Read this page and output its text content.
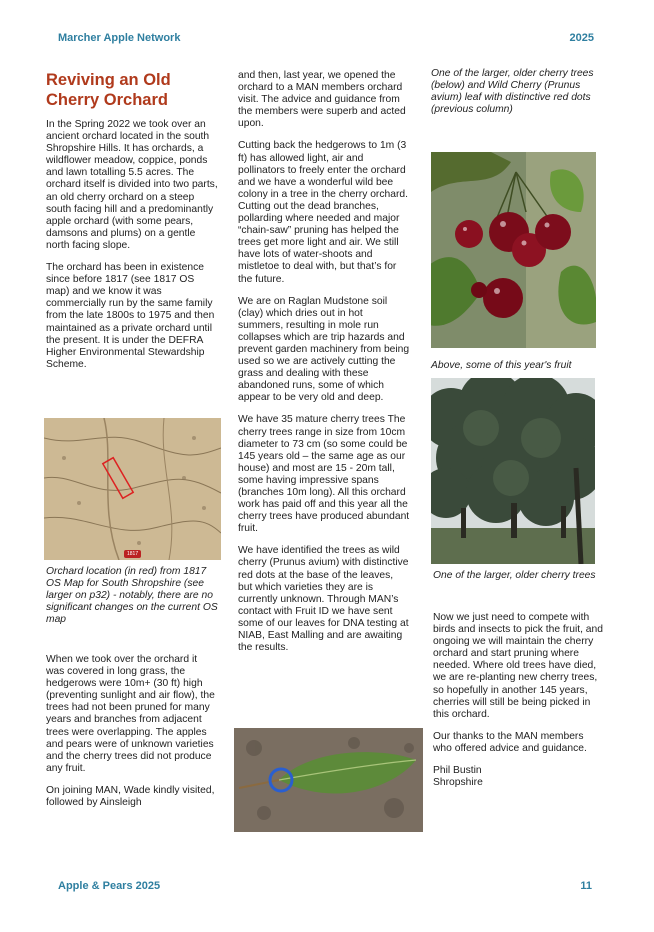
Marcher Apple Network	2025
Reviving an Old
Cherry Orchard

In the Spring 2022 we took over an ancient orchard located in the south Shropshire Hills. It has orchards, a wildflower meadow, coppice, ponds and lawn totalling 5.5 acres. The orchard itself is divided into two parts, an old cherry orchard on a steep south facing hill and a predominantly apple orchard (with some pears, damsons and plums) on a gentle north facing slope.

The orchard has been in existence since before 1817 (see 1817 OS map) and we know it was commercially run by the same family from the late 1800s to 1975 and then maintained as a private orchard until the present. It is under the DEFRA Higher Environmental Stewardship Scheme.

1817
Orchard location (in red) from 1817 OS Map for South Shropshire (see larger on p32) - notably, there are no significant changes on the current OS map

When we took over the orchard it was covered in long grass, the hedgerows were 10m+ (30 ft) high (preventing sunlight and air flow), the trees had not been pruned for many years and branches from adjacent trees were overlapping. The apples and pears were of unknown varieties and the cherry trees did not produce any fruit.

On joining MAN, Wade kindly visited, followed by Ainsleigh

and then, last year, we opened the orchard to a MAN members orchard visit. The advice and guidance from the members were superb and acted upon.

Cutting back the hedgerows to 1m (3 ft) has allowed light, air and pollinators to freely enter the orchard and we have a wonderful wild bee colony in a tree in the cherry orchard. Cutting out the dead branches, pollarding where needed and major “chain-saw” pruning has helped the trees get more light and air. We still have lots of water-shoots and mistletoe to deal with, but that’s for the future.

We are on Raglan Mudstone soil (clay) which dries out in hot summers, resulting in mole run collapses which are trip hazards and prevent garden machinery from being used so we are actively cutting the grass and dealing with these abandoned runs, some of which appear to be very old and deep.

We have 35 mature cherry trees The cherry trees range in size from 10cm diameter to 73 cm (so some could be 145 years old – the same age as our house) and most are 15 - 20m tall, some having impressive spans (branches 10m long). All this orchard work has paid off and this year all the cherry trees have produced abundant fruit.

We have identified the trees as wild cherry (Prunus avium) with distinctive red dots at the base of the leaves, but which varieties they are is currently unknown. Through MAN’s contact with Fruit ID we have sent some of our leaves for DNA testing at NIAB, East Malling and are awaiting the results.

One of the larger, older cherry trees (below) and Wild Cherry (Prunus avium) leaf with distinctive red dots (previous column)
Above, some of this year's fruit
One of the larger, older cherry trees

Now we just need to compete with birds and insects to pick the fruit, and ongoing we will maintain the cherry orchard and start pruning where needed. Where old trees have died, we are re-planting new cherry trees, so hopefully in another 145 years, cherries will still be being picked in this orchard.

Our thanks to the MAN members who offered advice and guidance.

Phil Bustin
Shropshire
Apple & Pears 2025	11
